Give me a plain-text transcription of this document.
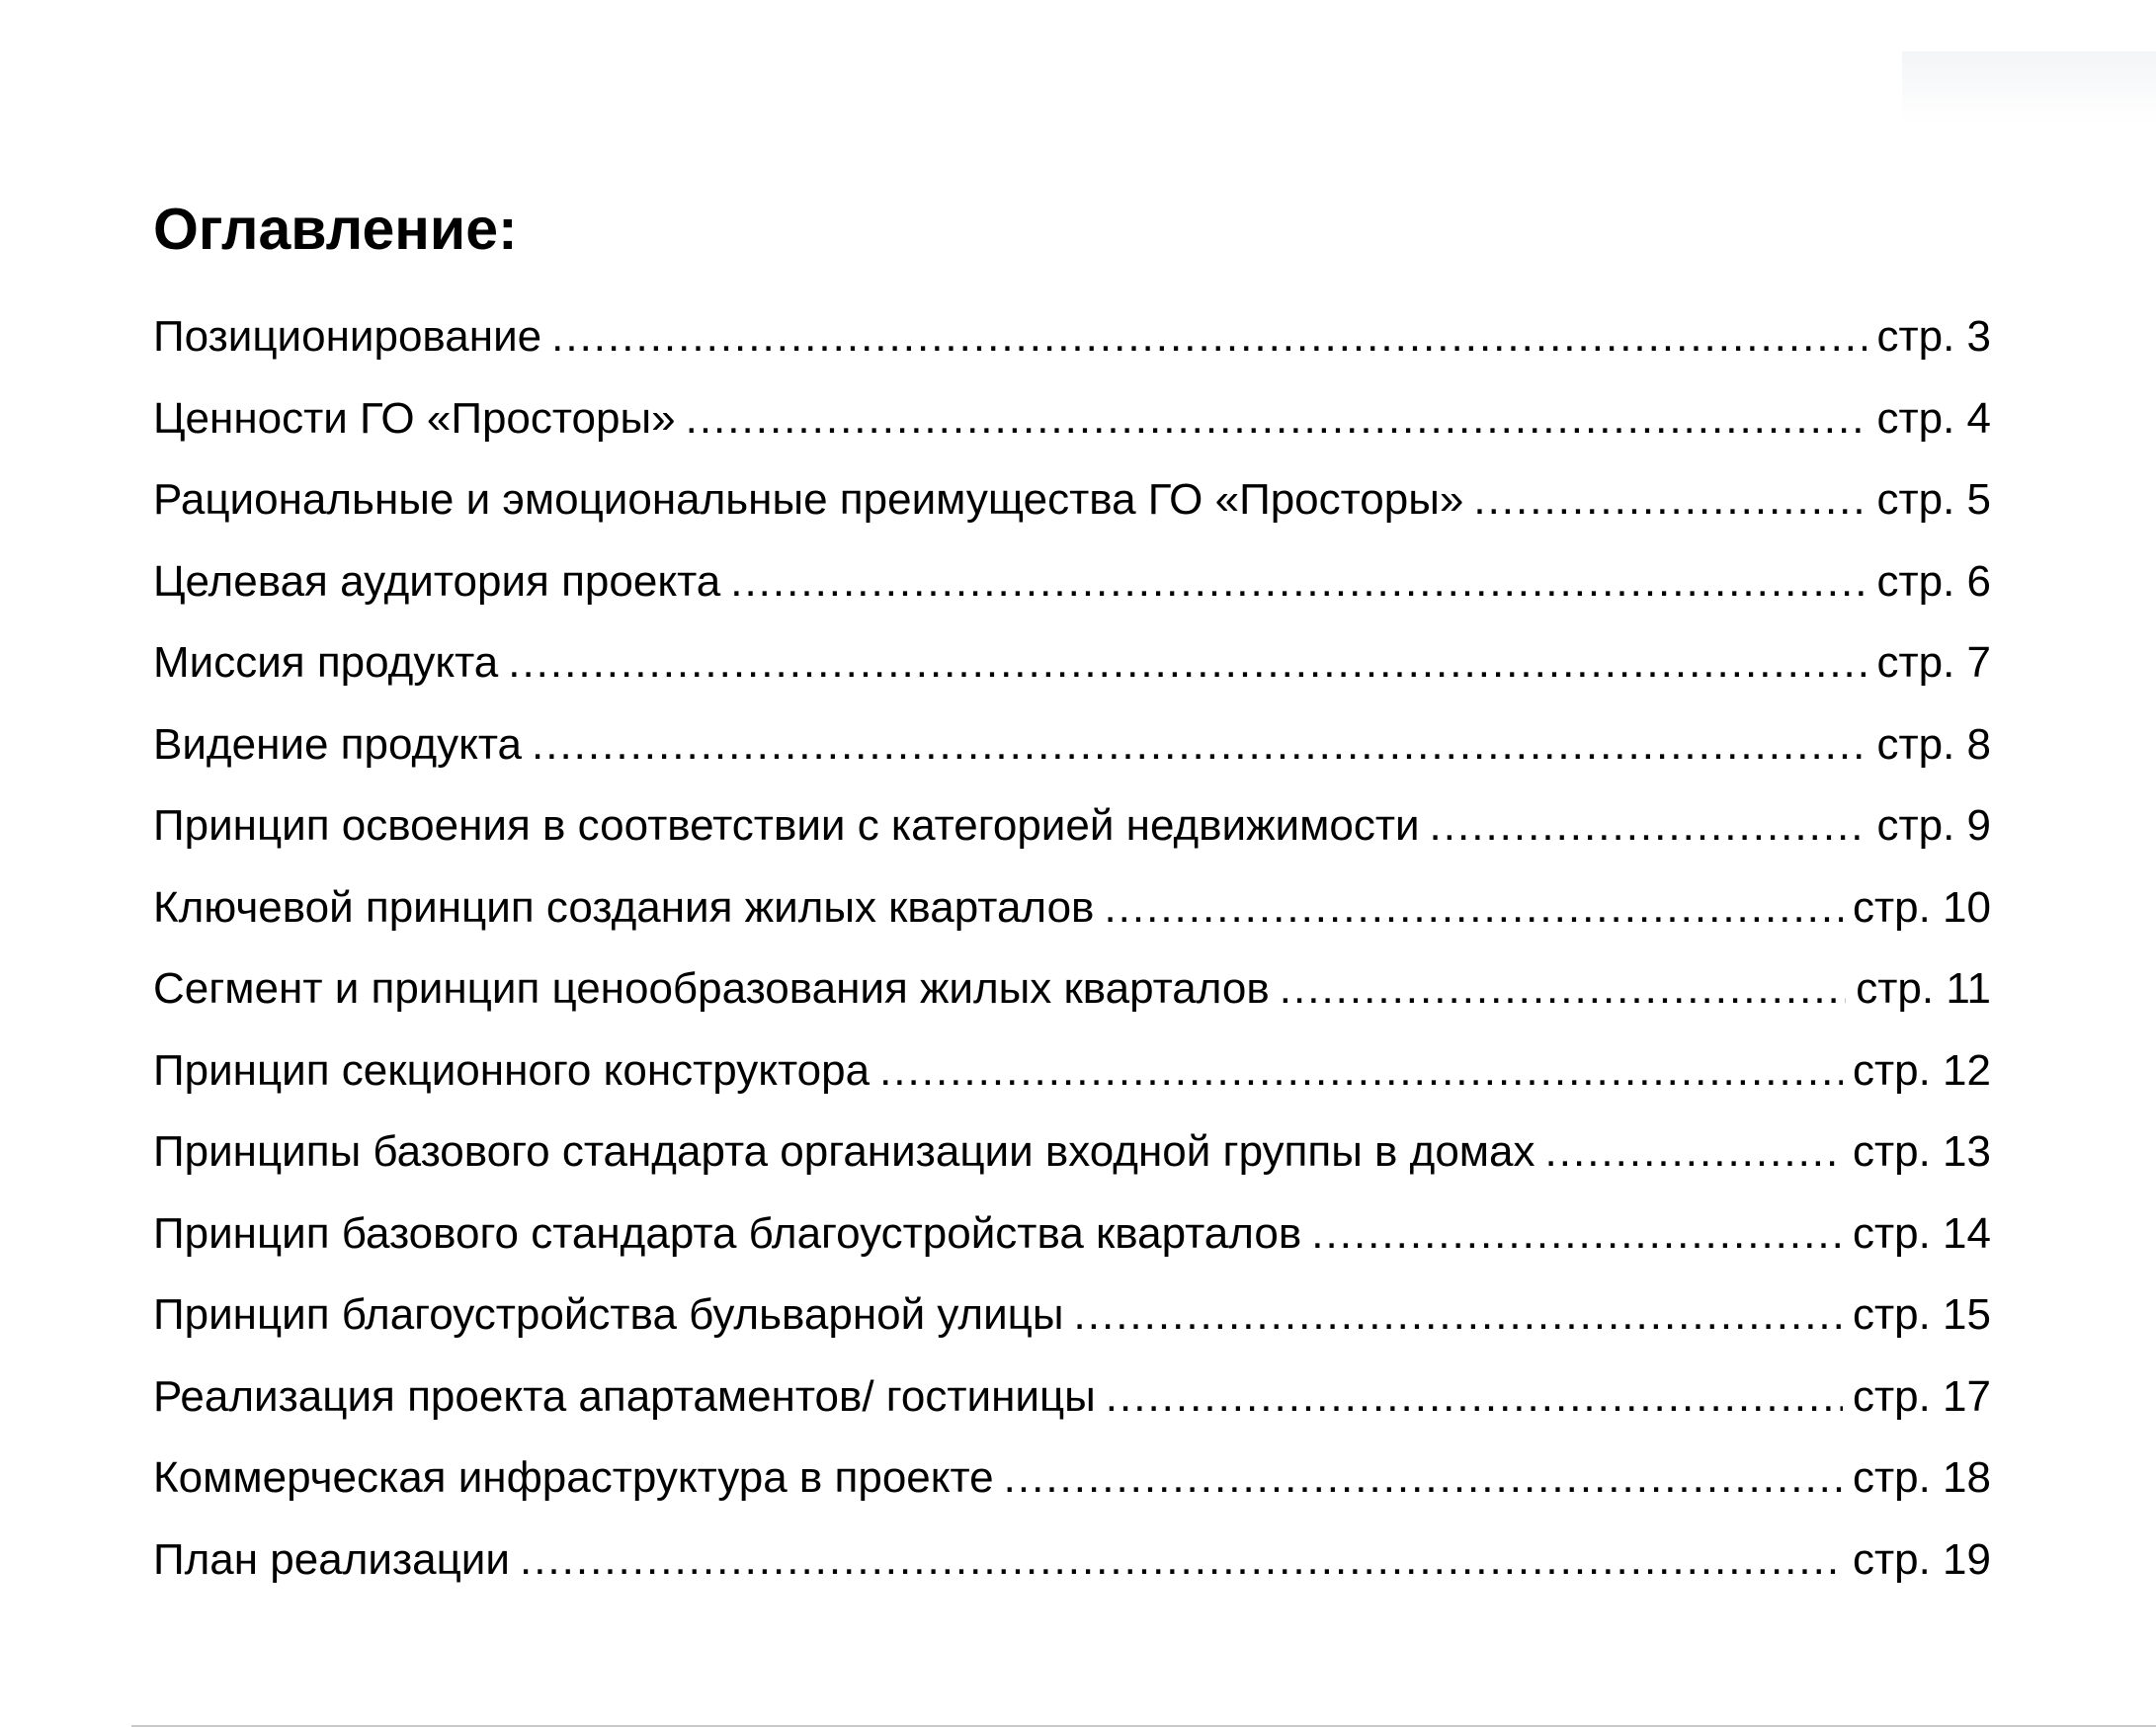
Оглавление:
Позиционирование .....	стр. 3
Ценности ГО «Просторы» .....	стр. 4
Рациональные и эмоциональные преимущества ГО «Просторы» .....	стр. 5
Целевая аудитория проекта .....	стр. 6
Миссия продукта .....	стр. 7
Видение продукта .....	стр. 8
Принцип освоения в соответствии с категорией недвижимости .....	стр. 9
Ключевой принцип создания жилых кварталов .....	стр. 10
Сегмент и принцип ценообразования жилых кварталов .....	стр. 11
Принцип секционного конструктора .....	стр. 12
Принципы базового стандарта организации входной группы в домах .....	стр. 13
Принцип базового стандарта благоустройства кварталов .....	стр. 14
Принцип благоустройства бульварной улицы .....	стр. 15
Реализация проекта апартаментов/ гостиницы .....	стр. 17
Коммерческая инфраструктура в проекте .....	стр. 18
План реализации .....	стр. 19
